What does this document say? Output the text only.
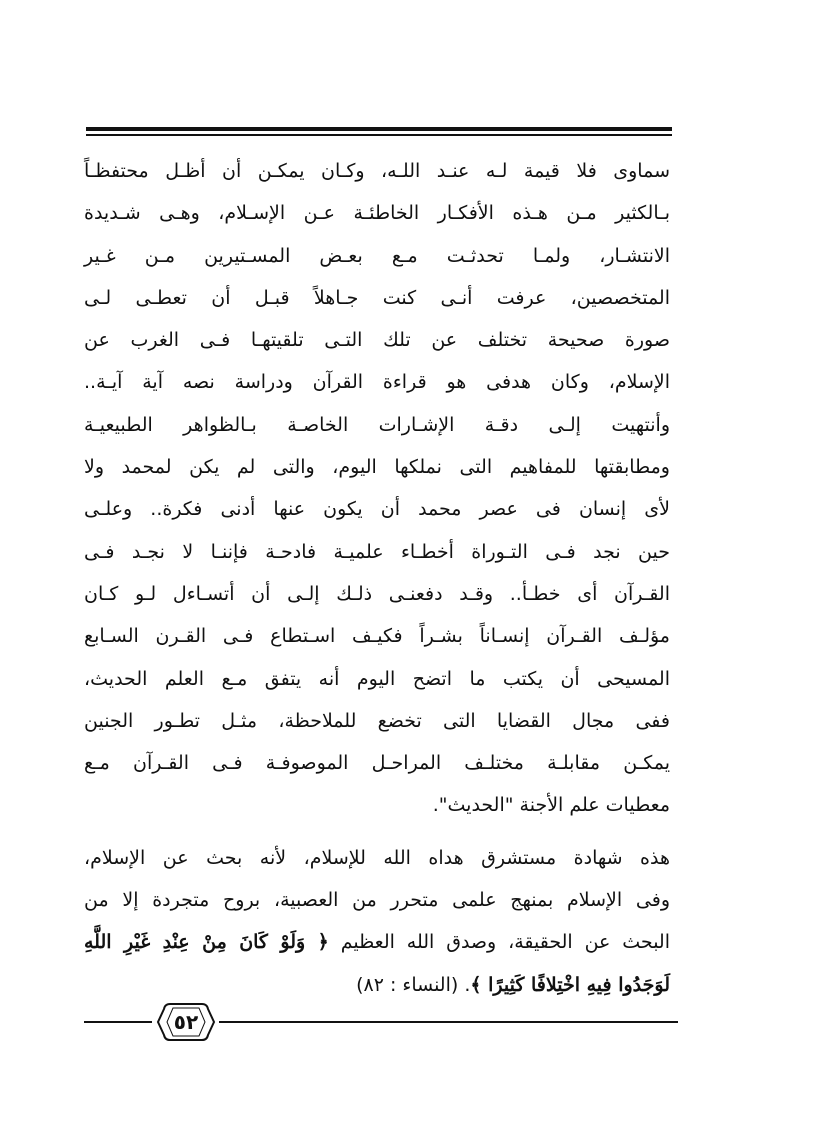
سماوى فلا قيمة لـه عنـد اللـه، وكـان يمكـن أن أظـل محتفظـاً
بـالكثير مـن هـذه الأفكـار الخاطئـة عـن الإسـلام، وهـى شـديدة
الانتشـار، ولمـا تحدثـت مـع بعـض المسـتيرين مـن غـير
المتخصصين، عرفت أنـى كنت جـاهلاً قبـل أن تعطـى لـى
صورة صحيحة تختلف عن تلك التـى تلقيتهـا فـى الغرب عن
الإسلام، وكان هدفى هو قراءة القرآن ودراسة نصه آية آيـة..
وأنتهيت إلـى دقـة الإشـارات الخاصـة بـالظواهر الطبيعيـة
ومطابقتها للمفاهيم التى نملكها اليوم، والتى لم يكن لمحمد ولا
لأى إنسان فى عصر محمد أن يكون عنها أدنى فكرة.. وعلـى
حين نجد فـى التـوراة أخطـاء علميـة فادحـة فإننـا لا نجـد فـى
القـرآن أى خطـأ.. وقـد دفعنـى ذلـك إلـى أن أتسـاءل لـو كـان
مؤلـف القـرآن إنسـاناً بشـراً فكيـف اسـتطاع فـى القـرن السـابع
المسيحى أن يكتب ما اتضح اليوم أنه يتفق مـع العلم الحديث،
ففى مجال القضايا التى تخضع للملاحظة، مثـل تطـور الجنين
يمكـن مقابلـة مختلـف المراحـل الموصوفـة فـى القـرآن مـع
معطيات علم الأجنة "الحديث".
هذه شهادة مستشرق هداه الله للإسلام، لأنه بحث عن الإسلام،
وفى الإسلام بمنهج علمى متحرر من العصبية، بروح متجردة إلا من
البحث عن الحقيقة، وصدق الله العظيم ﴿ وَلَوْ كَانَ مِنْ عِنْدِ غَيْرِ اللَّهِ
لَوَجَدُوا فِيهِ اخْتِلافًا كَثِيرًا ﴾. (النساء : ٨٢)
٥٢
